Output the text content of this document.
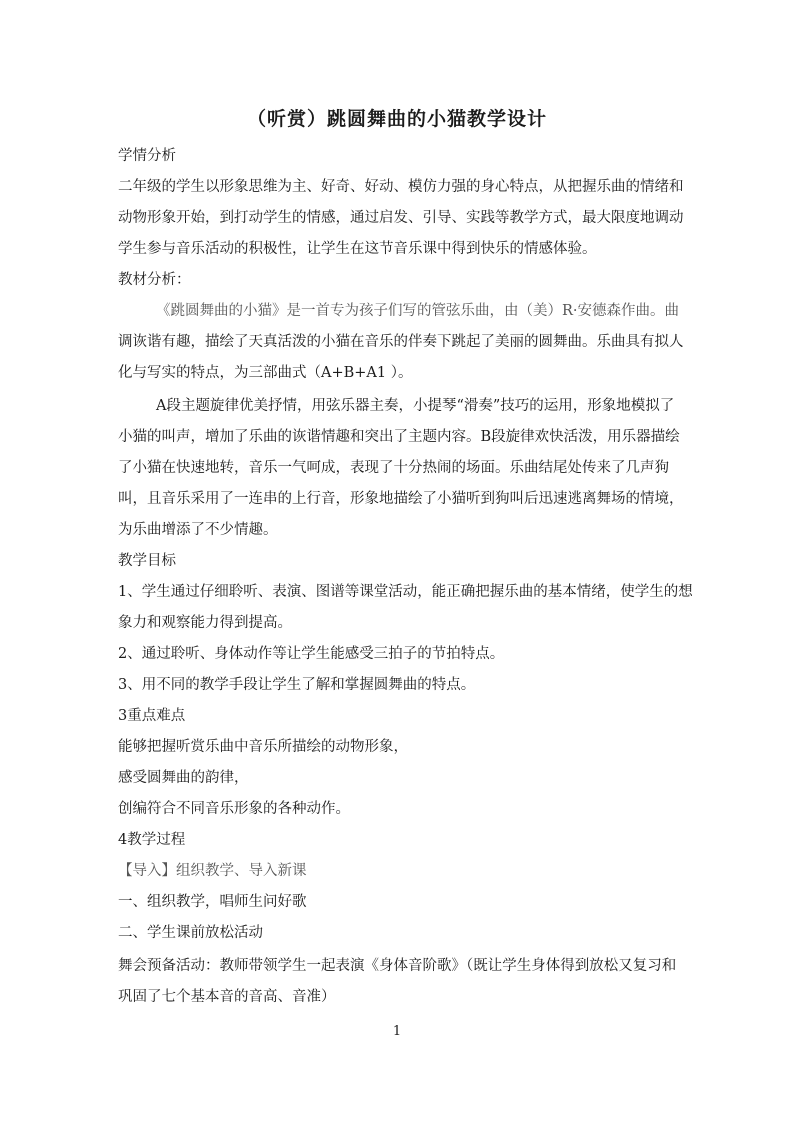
（听赏）跳圆舞曲的小猫教学设计
学情分析
二年级的学生以形象思维为主、好奇、好动、模仿力强的身心特点，从把握乐曲的情绪和
动物形象开始，到打动学生的情感，通过启发、引导、实践等教学方式，最大限度地调动
学生参与音乐活动的积极性，让学生在这节音乐课中得到快乐的情感体验。
教材分析：
《跳圆舞曲的小猫》是一首专为孩子们写的管弦乐曲，由（美）R·安德森作曲。曲
调诙谐有趣，描绘了天真活泼的小猫在音乐的伴奏下跳起了美丽的圆舞曲。乐曲具有拟人
化与写实的特点，为三部曲式（A+B+A1 ）。
A段主题旋律优美抒情，用弦乐器主奏，小提琴“滑奏”技巧的运用，形象地模拟了
小猫的叫声，增加了乐曲的诙谐情趣和突出了主题内容。B段旋律欢快活泼，用乐器描绘
了小猫在快速地转，音乐一气呵成，表现了十分热闹的场面。乐曲结尾处传来了几声狗
叫，且音乐采用了一连串的上行音，形象地描绘了小猫听到狗叫后迅速逃离舞场的情境，
为乐曲增添了不少情趣。
教学目标
1、学生通过仔细聆听、表演、图谱等课堂活动，能正确把握乐曲的基本情绪，使学生的想
象力和观察能力得到提高。
2、通过聆听、身体动作等让学生能感受三拍子的节拍特点。
3、用不同的教学手段让学生了解和掌握圆舞曲的特点。
3重点难点
能够把握听赏乐曲中音乐所描绘的动物形象，
感受圆舞曲的韵律，
创编符合不同音乐形象的各种动作。
4教学过程
【导入】组织教学、导入新课
一、组织教学，唱师生问好歌
二、学生课前放松活动
舞会预备活动：教师带领学生一起表演《身体音阶歌》（既让学生身体得到放松又复习和
巩固了七个基本音的音高、音准）
1
